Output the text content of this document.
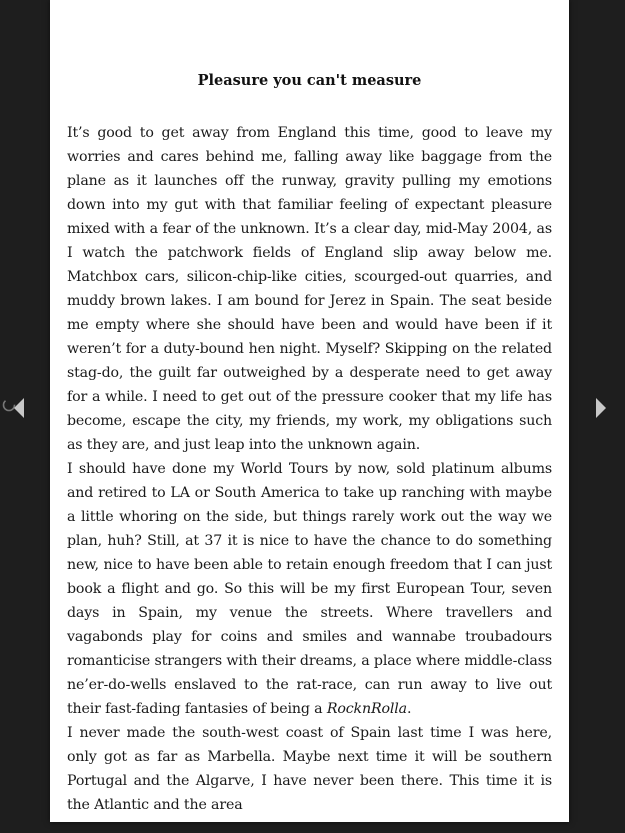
Pleasure you can't measure

It’s good to get away from England this time, good to leave my worries and cares behind me, falling away like baggage from the plane as it launches off the runway, gravity pulling my emotions down into my gut with that familiar feeling of expectant pleasure mixed with a fear of the unknown. It’s a clear day, mid-May 2004, as I watch the patchwork fields of England slip away below me. Matchbox cars, silicon-chip-like cities, scourged-out quarries, and muddy brown lakes. I am bound for Jerez in Spain. The seat beside me empty where she should have been and would have been if it weren’t for a duty-bound hen night. Myself? Skipping on the related stag-do, the guilt far outweighed by a desperate need to get away for a while. I need to get out of the pressure cooker that my life has become, escape the city, my friends, my work, my obligations such as they are, and just leap into the unknown again.

I should have done my World Tours by now, sold platinum albums and retired to LA or South America to take up ranching with maybe a little whoring on the side, but things rarely work out the way we plan, huh? Still, at 37 it is nice to have the chance to do something new, nice to have been able to retain enough freedom that I can just book a flight and go. So this will be my first European Tour, seven days in Spain, my venue the streets. Where travellers and vagabonds play for coins and smiles and wannabe troubadours romanticise strangers with their dreams, a place where middle-class ne’er-do-wells enslaved to the rat-race, can run away to live out their fast-fading fantasies of being a RocknRolla.

I never made the south-west coast of Spain last time I was here, only got as far as Marbella. Maybe next time it will be southern Portugal and the Algarve, I have never been there. This time it is the Atlantic and the area
